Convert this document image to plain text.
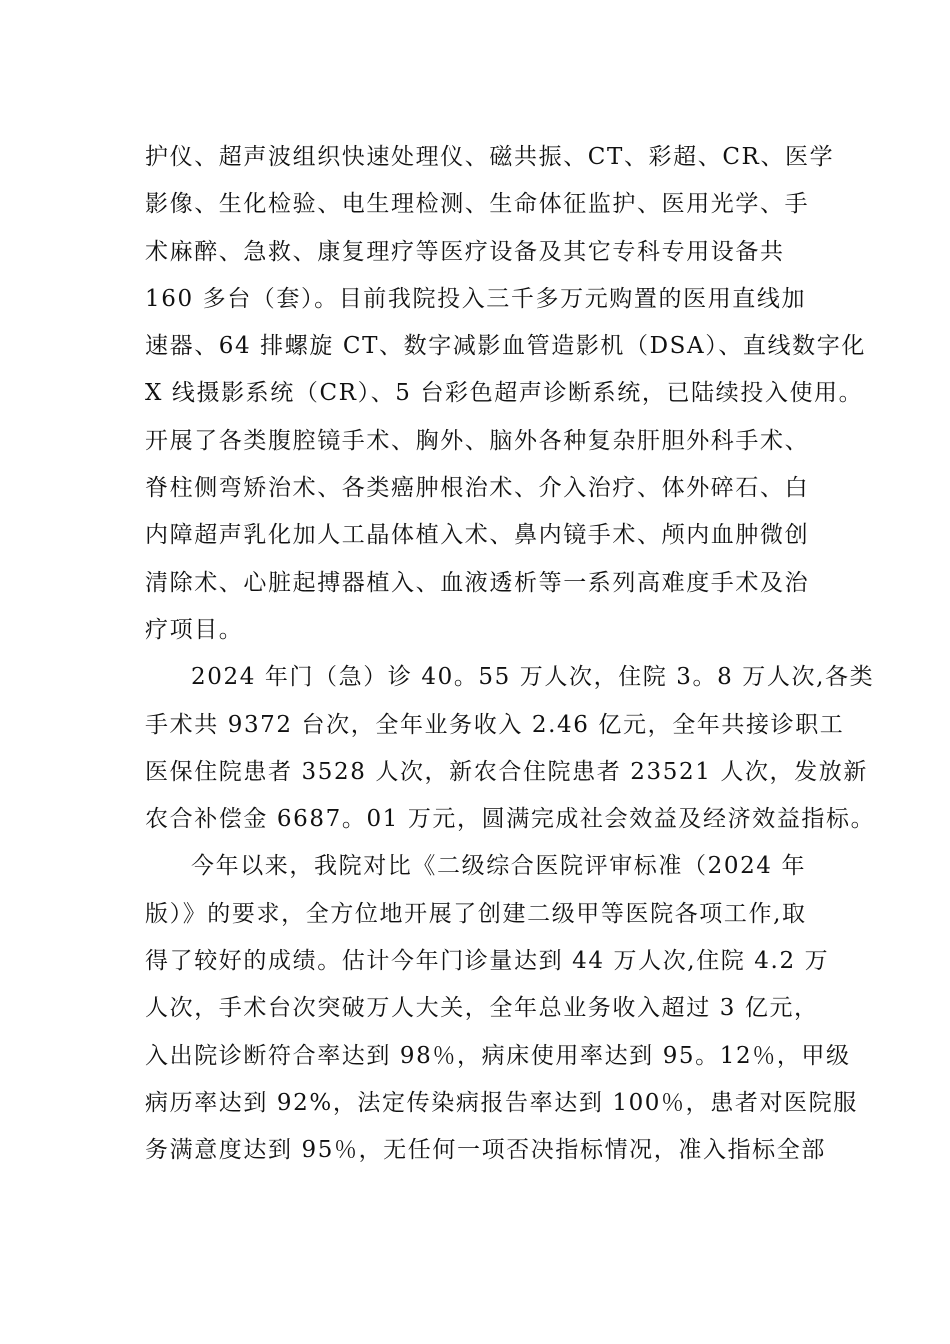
护仪、超声波组织快速处理仪、磁共振、CT、彩超、CR、医学
影像、生化检验、电生理检测、生命体征监护、医用光学、手
术麻醉、急救、康复理疗等医疗设备及其它专科专用设备共
160 多台（套）。目前我院投入三千多万元购置的医用直线加
速器、64 排螺旋 CT、数字减影血管造影机（DSA）、直线数字化
X 线摄影系统（CR）、5 台彩色超声诊断系统，已陆续投入使用。
开展了各类腹腔镜手术、胸外、脑外各种复杂肝胆外科手术、
脊柱侧弯矫治术、各类癌肿根治术、介入治疗、体外碎石、白
内障超声乳化加人工晶体植入术、鼻内镜手术、颅内血肿微创
清除术、心脏起搏器植入、血液透析等一系列高难度手术及治
疗项目。
2024 年门（急）诊 40。55 万人次，住院 3。8 万人次,各类
手术共 9372 台次，全年业务收入 2.46 亿元，全年共接诊职工
医保住院患者 3528 人次，新农合住院患者 23521 人次，发放新
农合补偿金 6687。01 万元，圆满完成社会效益及经济效益指标。
今年以来，我院对比《二级综合医院评审标准（2024 年
版）》的要求，全方位地开展了创建二级甲等医院各项工作,取
得了较好的成绩。估计今年门诊量达到 44 万人次,住院 4.2 万
人次，手术台次突破万人大关，全年总业务收入超过 3 亿元，
入出院诊断符合率达到 98％，病床使用率达到 95。12％，甲级
病历率达到 92%，法定传染病报告率达到 100％，患者对医院服
务满意度达到 95％，无任何一项否决指标情况，准入指标全部
